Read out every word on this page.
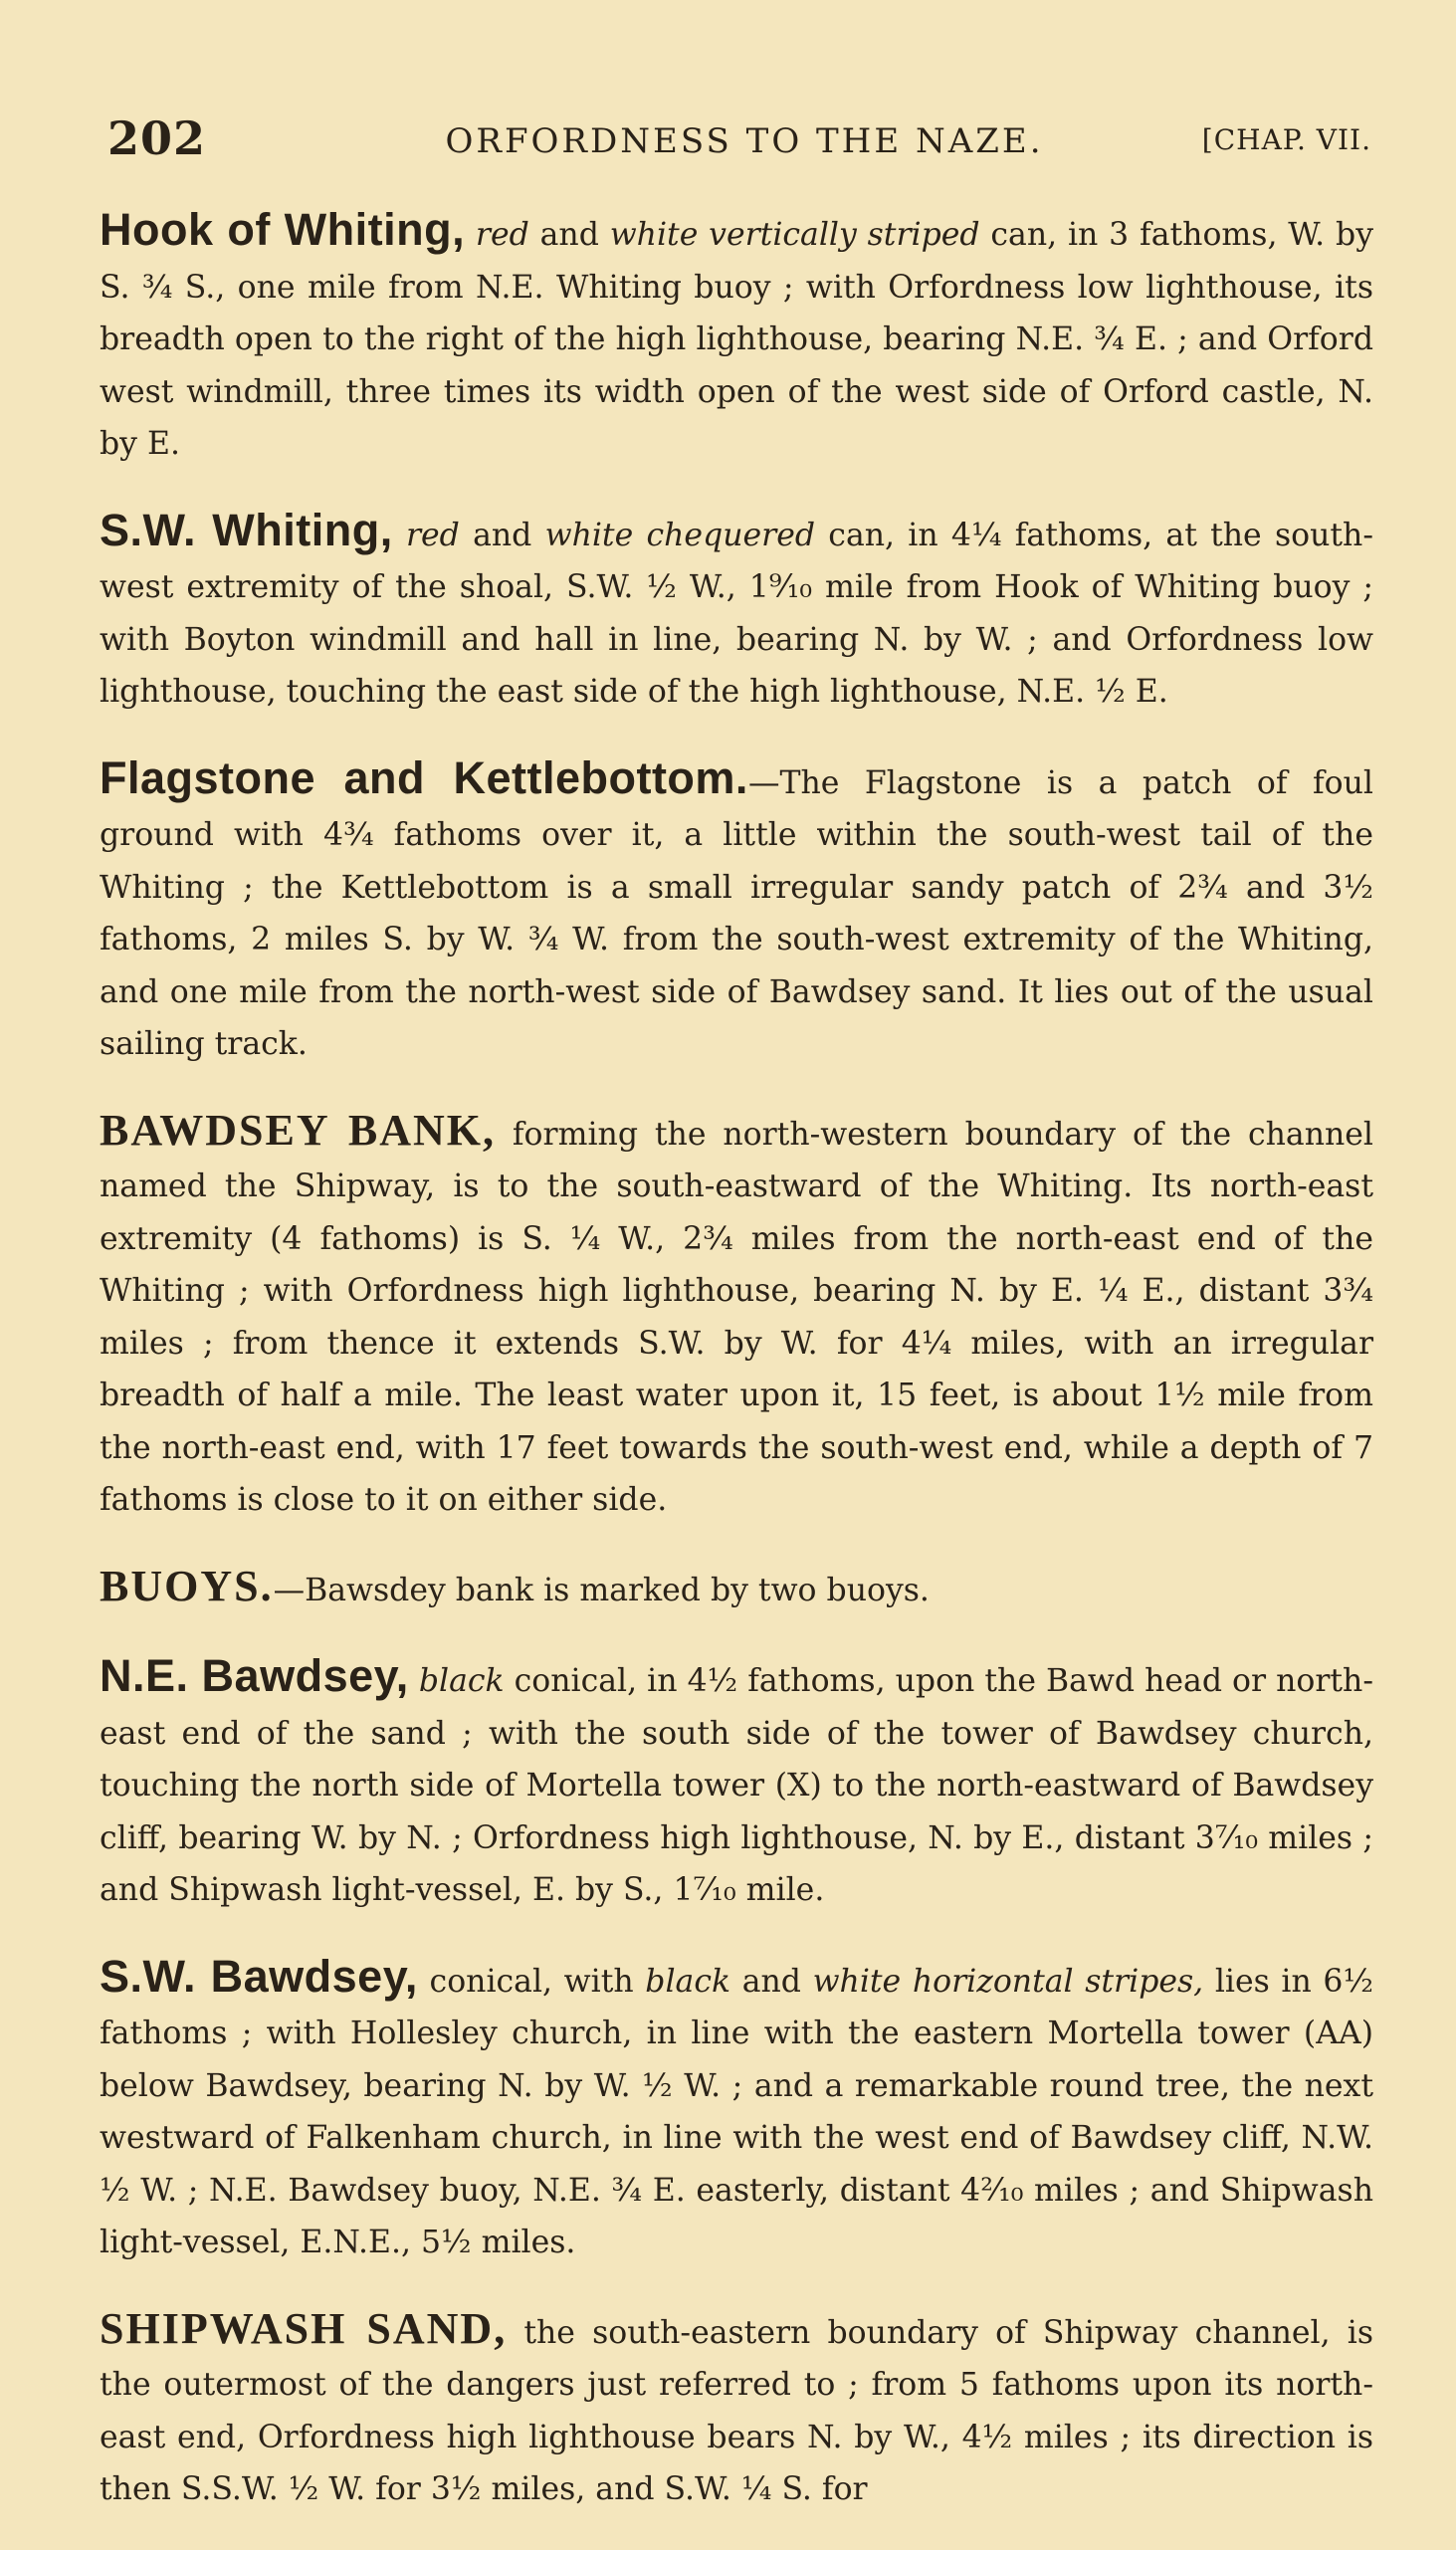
202	ORFORDNESS TO THE NAZE.	[CHAP. VII.

Hook of Whiting, red and white vertically striped can, in 3 fathoms, W. by S. ¾ S., one mile from N.E. Whiting buoy ; with Orfordness low lighthouse, its breadth open to the right of the high lighthouse, bearing N.E. ¾ E. ; and Orford west windmill, three times its width open of the west side of Orford castle, N. by E.

S.W. Whiting, red and white chequered can, in 4¼ fathoms, at the south-west extremity of the shoal, S.W. ½ W., 1⁹⁄₁₀ mile from Hook of Whiting buoy ; with Boyton windmill and hall in line, bearing N. by W. ; and Orfordness low lighthouse, touching the east side of the high lighthouse, N.E. ½ E.

Flagstone and Kettlebottom.—The Flagstone is a patch of foul ground with 4¾ fathoms over it, a little within the south-west tail of the Whiting ; the Kettlebottom is a small irregular sandy patch of 2¾ and 3½ fathoms, 2 miles S. by W. ¾ W. from the south-west extremity of the Whiting, and one mile from the north-west side of Bawdsey sand. It lies out of the usual sailing track.

BAWDSEY BANK, forming the north-western boundary of the channel named the Shipway, is to the south-eastward of the Whiting. Its north-east extremity (4 fathoms) is S. ¼ W., 2¾ miles from the north-east end of the Whiting ; with Orfordness high lighthouse, bearing N. by E. ¼ E., distant 3¾ miles ; from thence it extends S.W. by W. for 4¼ miles, with an irregular breadth of half a mile. The least water upon it, 15 feet, is about 1½ mile from the north-east end, with 17 feet towards the south-west end, while a depth of 7 fathoms is close to it on either side.

BUOYS.—Bawsdey bank is marked by two buoys.

N.E. Bawdsey, black conical, in 4½ fathoms, upon the Bawd head or north-east end of the sand ; with the south side of the tower of Bawdsey church, touching the north side of Mortella tower (X) to the north-eastward of Bawdsey cliff, bearing W. by N. ; Orfordness high lighthouse, N. by E., distant 3⁷⁄₁₀ miles ; and Shipwash light-vessel, E. by S., 1⁷⁄₁₀ mile.

S.W. Bawdsey, conical, with black and white horizontal stripes, lies in 6½ fathoms ; with Hollesley church, in line with the eastern Mortella tower (AA) below Bawdsey, bearing N. by W. ½ W. ; and a remarkable round tree, the next westward of Falkenham church, in line with the west end of Bawdsey cliff, N.W. ½ W. ; N.E. Bawdsey buoy, N.E. ¾ E. easterly, distant 4²⁄₁₀ miles ; and Shipwash light-vessel, E.N.E., 5½ miles.

SHIPWASH SAND, the south-eastern boundary of Shipway channel, is the outermost of the dangers just referred to ; from 5 fathoms upon its north-east end, Orfordness high lighthouse bears N. by W., 4½ miles ; its direction is then S.S.W. ½ W. for 3½ miles, and S.W. ¼ S. for
